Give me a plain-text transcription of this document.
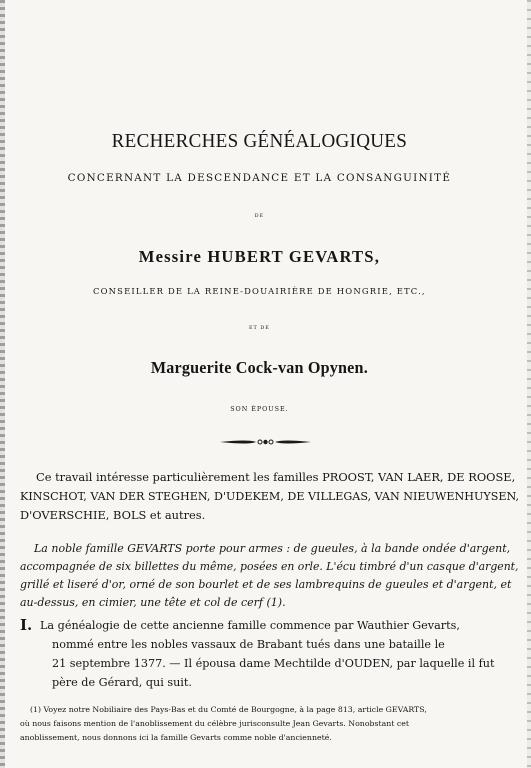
RECHERCHES GÉNÉALOGIQUES
CONCERNANT LA DESCENDANCE ET LA CONSANGUINITÉ
DE
Messire HUBERT GEVARTS,
CONSEILLER DE LA REINE-DOUAIRIÈRE DE HONGRIE, ETC.,
ET DE
Marguerite Cock-van Opynen.
SON ÉPOUSE.
Ce travail intéresse particulièrement les familles PROOST, VAN LAER, DE ROOSE,
KINSCHOT, VAN DER STEGHEN, D'UDEKEM, DE VILLEGAS, VAN NIEUWENHUYSEN,
D'OVERSCHIE, BOLS et autres.
La noble famille GEVARTS porte pour armes : de gueules, à la bande ondée d'argent,
accompagnée de six billettes du même, posées en orle. L'écu timbré d'un casque d'argent,
grillé et liseré d'or, orné de son bourlet et de ses lambrequins de gueules et d'argent, et
au-dessus, en cimier, une tête et col de cerf (1).
I. La généalogie de cette ancienne famille commence par Wauthier Gevarts,
nommé entre les nobles vassaux de Brabant tués dans une bataille le
21 septembre 1377. — Il épousa dame Mechtilde d'OUDEN, par laquelle il fut
père de Gérard, qui suit.
(1) Voyez notre Nobiliaire des Pays-Bas et du Comté de Bourgogne, à la page 813, article GEVARTS,
où nous faisons mention de l'anoblissement du célèbre jurisconsulte Jean Gevarts. Nonobstant cet
anoblissement, nous donnons ici la famille Gevarts comme noble d'ancienneté.
